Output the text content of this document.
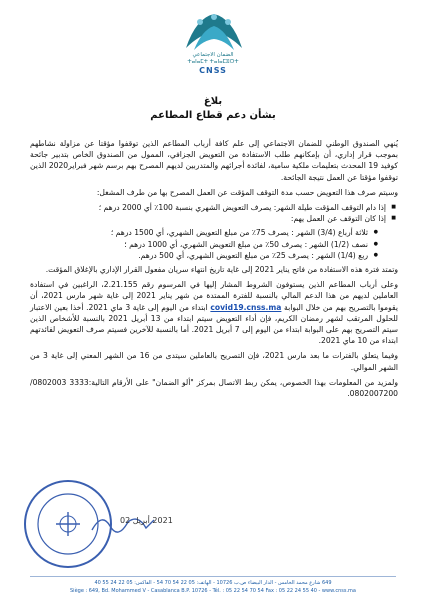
الضمان الاجتماعي
ⵜⴰⵏⴰⵎⵜ ⵜⴰⵏⴰⵎⵓⵔⵜ
CNSS
بلاغ
بشأن دعم قطاع المطاعم

يُنهي الصندوق الوطني للضمان الاجتماعي إلى علم كافة أرباب المطاعم الذين توقفوا مؤقتا عن مزاولة نشاطهم بموجب قرار إداري، أن بإمكانهم طلب الاستفادة من التعويض الجزافي، الممول من الصندوق الخاص بتدبير جائحة كوفيد 19 المحدث بتعليمات ملكية سامية، لفائدة أجرائهم والمتدربين لديهم المصرح بهم برسم شهر فبراير2020 الذين توقفوا مؤقتا عن العمل نتيجة الجائحة.

وسيتم صرف هذا التعويض حسب مدة التوقف المؤقت عن العمل المصرح بها من طرف المشغل:

■ إذا دام التوقف المؤقت طيلة الشهر: يصرف التعويض الشهري بنسبة 100٪ أي 2000 درهم ؛
■ إذا كان التوقف عن العمل يهم:
● ثلاثة أرباع (3/4) الشهر : يصرف 75٪ من مبلغ التعويض الشهري، أي 1500 درهم ؛
● نصف (1/2) الشهر : يصرف 50٪ من مبلغ التعويض الشهري، أي 1000 درهم ؛
● ربع (1/4) الشهر : يصرف 25٪ من مبلغ التعويض الشهري، أي 500 درهم.

وتمتد فترة هذه الاستفادة من فاتح يناير 2021 إلى غاية تاريخ انتهاء سريان مفعول القرار الإداري بالإغلاق المؤقت.

وعلى أرباب المطاعم الذين يستوفون الشروط المشار إليها في المرسوم رقم 2.21.155، الراغبين في استفادة العاملين لديهم من هذا الدعم المالي بالنسبة للفترة الممتدة من شهر يناير 2021 إلى غاية شهر مارس 2021، أن يقوموا بالتصريح بهم من خلال البوابة covid19.cnss.ma ابتداء من اليوم إلى غاية 3 ماي 2021. أخذا بعين الاعتبار للحلول المرتقب لشهر رمضان الكريم، فإن أداء التعويض سيتم ابتداء من 13 أبريل 2021 بالنسبة للأشخاص الذين سيتم التصريح بهم على البوابة ابتداء من اليوم إلى 7 أبريل 2021. أما بالنسبة للآخرين فسيتم صرف التعويض لفائدتهم ابتداء من 10 ماي 2021.

وفيما يتعلق بالفترات ما بعد مارس 2021، فإن التصريح بالعاملين سيتدى من 16 من الشهر المعني إلى غاية 3 من الشهر الموالي.

ولمزيد من المعلومات بهذا الخصوص، يمكن ربط الاتصال بمركز "ألو الضمان" على الأرقام التالية:3333 0802003/ 0802007200.

2021 أبريل 02
649 شارع محمد الخامس - الدار البيضاء ص.ب 10726 - الهاتف: 05 22 54 70 54 - الفاكس: 05 22 24 55 40
Siège : 649, Bd. Mohammed V - Casablanca B.P. 10726 - Tél. : 05 22 54 70 54 Fax : 05 22 24 55 40 - www.cnss.ma
